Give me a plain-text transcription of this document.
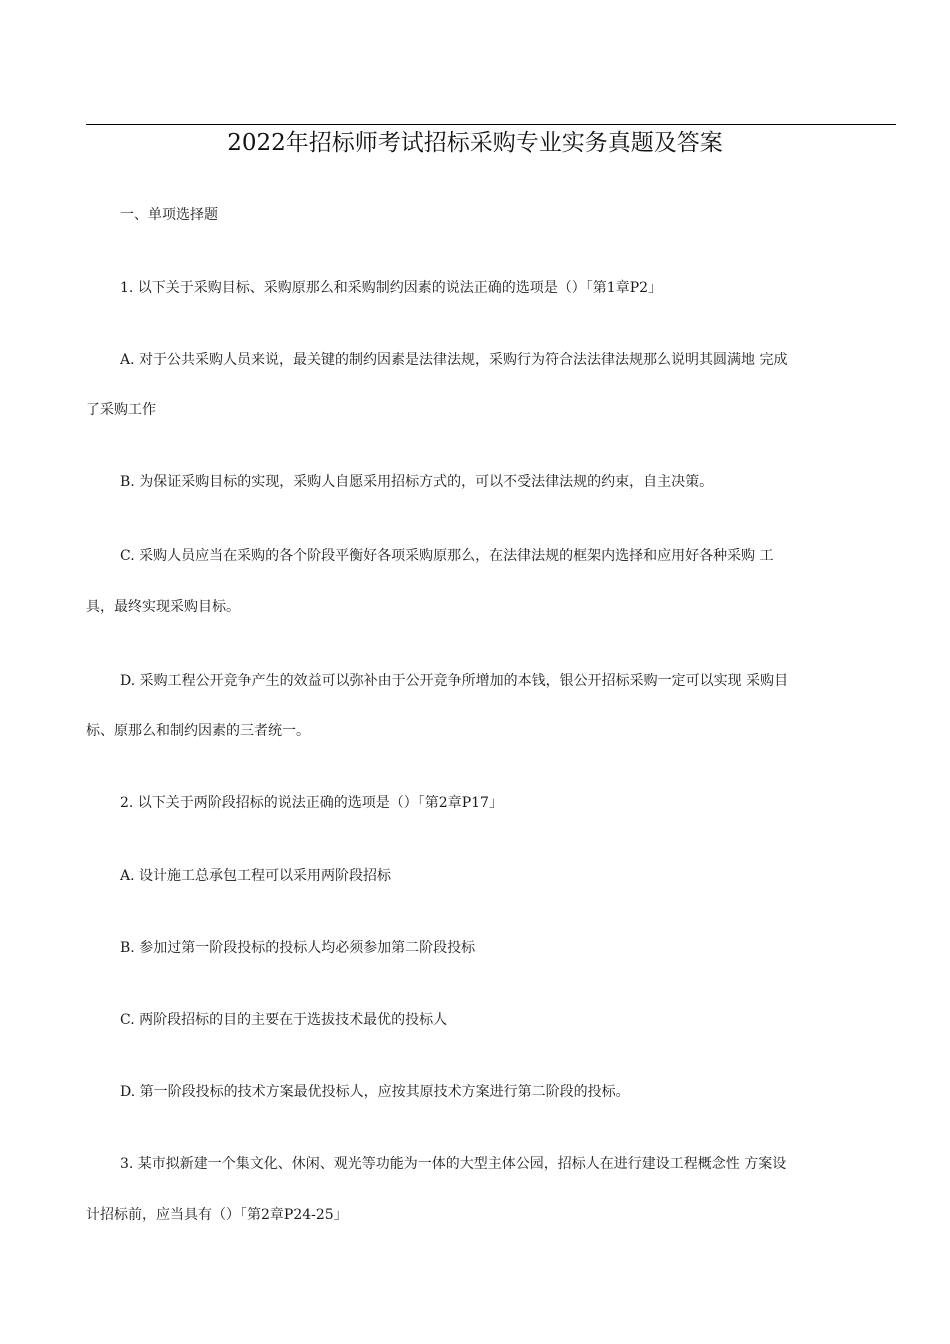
2022年招标师考试招标采购专业实务真题及答案
一、单项选择题
1. 以下关于采购目标、采购原那么和采购制约因素的说法正确的选项是（）「第1章P2」
A. 对于公共采购人员来说，最关键的制约因素是法律法规，采购行为符合法法律法规那么说明其圆满地 完成
了采购工作
B. 为保证采购目标的实现，采购人自愿采用招标方式的，可以不受法律法规的约束，自主决策。
C. 采购人员应当在采购的各个阶段平衡好各项采购原那么，在法律法规的框架内选择和应用好各种采购 工
具，最终实现采购目标。
D. 采购工程公开竞争产生的效益可以弥补由于公开竞争所增加的本钱，银公开招标采购一定可以实现 采购目
标、原那么和制约因素的三者统一。
2. 以下关于两阶段招标的说法正确的选项是（）「第2章P17」
A. 设计施工总承包工程可以采用两阶段招标
B. 参加过第一阶段投标的投标人均必须参加第二阶段投标
C. 两阶段招标的目的主要在于选拔技术最优的投标人
D. 第一阶段投标的技术方案最优投标人，应按其原技术方案进行第二阶段的投标。
3. 某市拟新建一个集文化、休闲、观光等功能为一体的大型主体公园，招标人在进行建设工程概念性 方案设
计招标前，应当具有（）「第2章P24-25」
